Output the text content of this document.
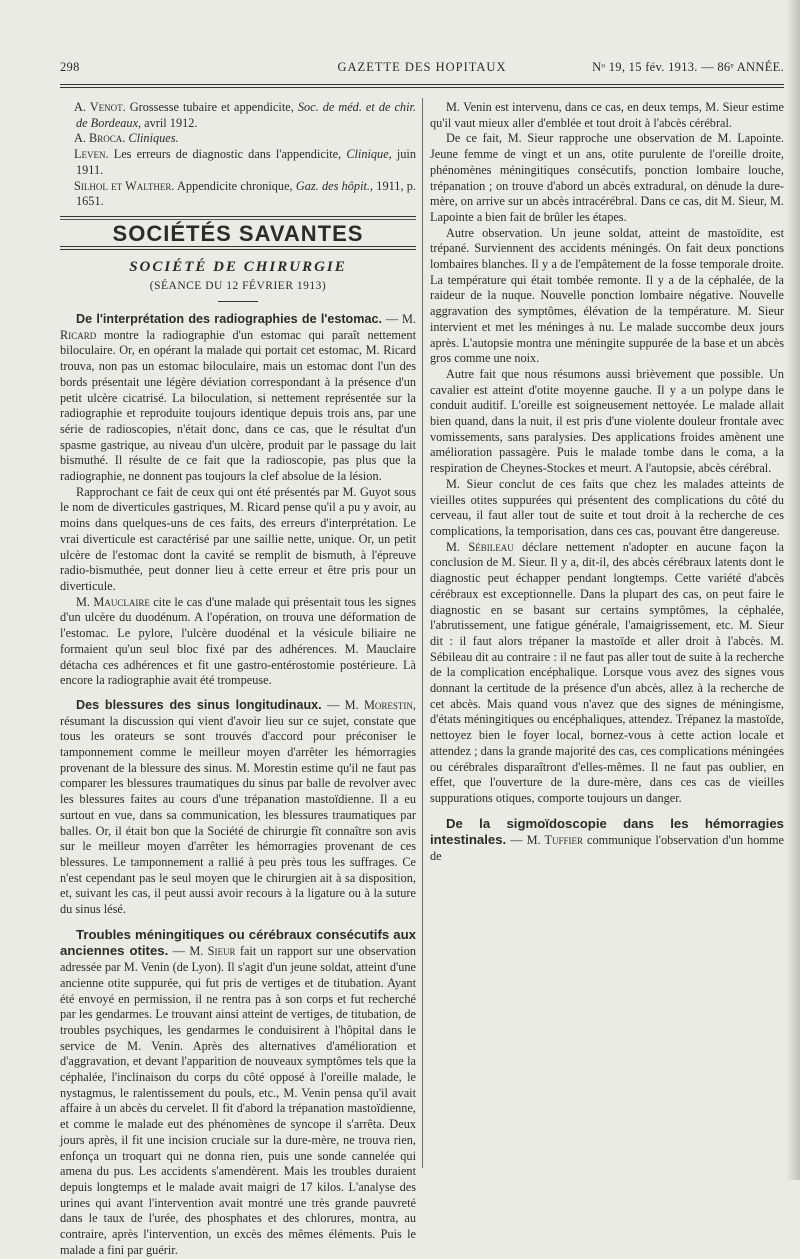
298	GAZETTE DES HOPITAUX	Nᵒ 19, 15 fév. 1913. — 86ᵉ ANNÉE.

A. Venot. Grossesse tubaire et appendicite, Soc. de méd. et de chir. de Bordeaux, avril 1912.

A. Broca. Cliniques.

Leven. Les erreurs de diagnostic dans l'appendicite, Clinique, juin 1911.

Silhol et Walther. Appendicite chronique, Gaz. des hôpit., 1911, p. 1651.

SOCIÉTÉS SAVANTES
SOCIÉTÉ DE CHIRURGIE
(SÉANCE DU 12 FÉVRIER 1913)

De l'interprétation des radiographies de l'estomac. — M. Ricard montre la radiographie d'un estomac qui paraît nettement biloculaire. Or, en opérant la malade qui portait cet estomac, M. Ricard trouva, non pas un estomac biloculaire, mais un estomac dont l'un des bords présentait une légère déviation correspondant à la présence d'un petit ulcère cicatrisé. La biloculation, si nettement représentée sur la radiographie et reproduite toujours identique depuis trois ans, par une série de radioscopies, n'était donc, dans ce cas, que le résultat d'un spasme gastrique, au niveau d'un ulcère, produit par le passage du lait bismuthé. Il résulte de ce fait que la radioscopie, pas plus que la radiographie, ne donnent pas toujours la clef absolue de la lésion.

Rapprochant ce fait de ceux qui ont été présentés par M. Guyot sous le nom de diverticules gastriques, M. Ricard pense qu'il a pu y avoir, au moins dans quelques-uns de ces faits, des erreurs d'interprétation. Le vrai diverticule est caractérisé par une saillie nette, unique. Or, un petit ulcère de l'estomac dont la cavité se remplit de bismuth, à l'épreuve radio-bismuthée, peut donner lieu à cette erreur et être pris pour un diverticule.

M. Mauclaire cite le cas d'une malade qui présentait tous les signes d'un ulcère du duodénum. A l'opération, on trouva une déformation de l'estomac. Le pylore, l'ulcère duodénal et la vésicule biliaire ne formaient qu'un seul bloc fixé par des adhérences. M. Mauclaire détacha ces adhérences et fit une gastro-entérostomie postérieure. Là encore la radiographie avait été trompeuse.

Des blessures des sinus longitudinaux. — M. Morestin, résumant la discussion qui vient d'avoir lieu sur ce sujet, constate que tous les orateurs se sont trouvés d'accord pour préconiser le tamponnement comme le meilleur moyen d'arrêter les hémorragies provenant de la blessure des sinus. M. Morestin estime qu'il ne faut pas comparer les blessures traumatiques du sinus par balle de revolver avec les blessures faites au cours d'une trépanation mastoïdienne. Il a eu surtout en vue, dans sa communication, les blessures traumatiques par balles. Or, il était bon que la Société de chirurgie fît connaître son avis sur le meilleur moyen d'arrêter les hémorragies provenant de ces blessures. Le tamponnement a rallié à peu près tous les suffrages. Ce n'est cependant pas le seul moyen que le chirurgien ait à sa disposition, et, suivant les cas, il peut aussi avoir recours à la ligature ou à la suture du sinus lésé.

Troubles méningitiques ou cérébraux consécutifs aux anciennes otites. — M. Sieur fait un rapport sur une observation adressée par M. Venin (de Lyon). Il s'agit d'un jeune soldat, atteint d'une ancienne otite suppurée, qui fut pris de vertiges et de titubation. Ayant été envoyé en permission, il ne rentra pas à son corps et fut recherché par les gendarmes. Le trouvant ainsi atteint de vertiges, de titubation, de troubles psychiques, les gendarmes le conduisirent à l'hôpital dans le service de M. Venin. Après des alternatives d'amélioration et d'aggravation, et devant l'apparition de nouveaux symptômes tels que la céphalée, l'inclinaison du corps du côté opposé à l'oreille malade, le nystagmus, le ralentissement du pouls, etc., M. Venin pensa qu'il avait affaire à un abcès du cervelet. Il fit d'abord la trépanation mastoïdienne, et comme le malade eut des phénomènes de syncope il s'arrêta. Deux jours après, il fit une incision cruciale sur la dure-mère, ne trouva rien, enfonça un troquart qui ne donna rien, puis une sonde cannelée qui amena du pus. Les accidents s'amendèrent. Mais les troubles duraient depuis longtemps et le malade avait maigri de 17 kilos. L'analyse des urines qui avant l'intervention avait montré une très grande pauvreté dans le taux de l'urée, des phosphates et des chlorures, montra, au contraire, après l'intervention, un excès des mêmes éléments. Puis le malade a fini par guérir.

M. Venin est intervenu, dans ce cas, en deux temps, M. Sieur estime qu'il vaut mieux aller d'emblée et tout droit à l'abcès cérébral.

De ce fait, M. Sieur rapproche une observation de M. Lapointe. Jeune femme de vingt et un ans, otite purulente de l'oreille droite, phénomènes méningitiques consécutifs, ponction lombaire louche, trépanation ; on trouve d'abord un abcès extradural, on dénude la dure-mère, on arrive sur un abcès intracérébral. Dans ce cas, dit M. Sieur, M. Lapointe a bien fait de brûler les étapes.

Autre observation. Un jeune soldat, atteint de mastoïdite, est trépané. Surviennent des accidents méningés. On fait deux ponctions lombaires blanches. Il y a de l'empâtement de la fosse temporale droite. La température qui était tombée remonte. Il y a de la céphalée, de la raideur de la nuque. Nouvelle ponction lombaire négative. Nouvelle aggravation des symptômes, élévation de la température. M. Sieur intervient et met les méninges à nu. Le malade succombe deux jours après. L'autopsie montra une méningite suppurée de la base et un abcès gros comme une noix.

Autre fait que nous résumons aussi brièvement que possible. Un cavalier est atteint d'otite moyenne gauche. Il y a un polype dans le conduit auditif. L'oreille est soigneusement nettoyée. Le malade allait bien quand, dans la nuit, il est pris d'une violente douleur frontale avec vomissements, sans paralysies. Des applications froides amènent une amélioration passagère. Puis le malade tombe dans le coma, a la respiration de Cheynes-Stockes et meurt. A l'autopsie, abcès cérébral.

M. Sieur conclut de ces faits que chez les malades atteints de vieilles otites suppurées qui présentent des complications du côté du cerveau, il faut aller tout de suite et tout droit à la recherche de ces complications, la temporisation, dans ces cas, pouvant être dangereuse.

M. Sébileau déclare nettement n'adopter en aucune façon la conclusion de M. Sieur. Il y a, dit-il, des abcès cérébraux latents dont le diagnostic peut échapper pendant longtemps. Cette variété d'abcès cérébraux est exceptionnelle. Dans la plupart des cas, on peut faire le diagnostic en se basant sur certains symptômes, la céphalée, l'abrutissement, une fatigue générale, l'amaigrissement, etc. M. Sieur dit : il faut alors trépaner la mastoïde et aller droit à l'abcès. M. Sébileau dit au contraire : il ne faut pas aller tout de suite à la recherche de la complication encéphalique. Lorsque vous avez des signes vous donnant la certitude de la présence d'un abcès, allez à la recherche de cet abcès. Mais quand vous n'avez que des signes de méningisme, d'états méningitiques ou encéphaliques, attendez. Trépanez la mastoïde, nettoyez bien le foyer local, bornez-vous à cette action locale et attendez ; dans la grande majorité des cas, ces complications méningées ou cérébrales disparaîtront d'elles-mêmes. Il ne faut pas oublier, en effet, que l'ouverture de la dure-mère, dans ces cas de vieilles suppurations otiques, comporte toujours un danger.

De la sigmoïdoscopie dans les hémorragies intestinales. — M. Tuffier communique l'observation d'un homme de
